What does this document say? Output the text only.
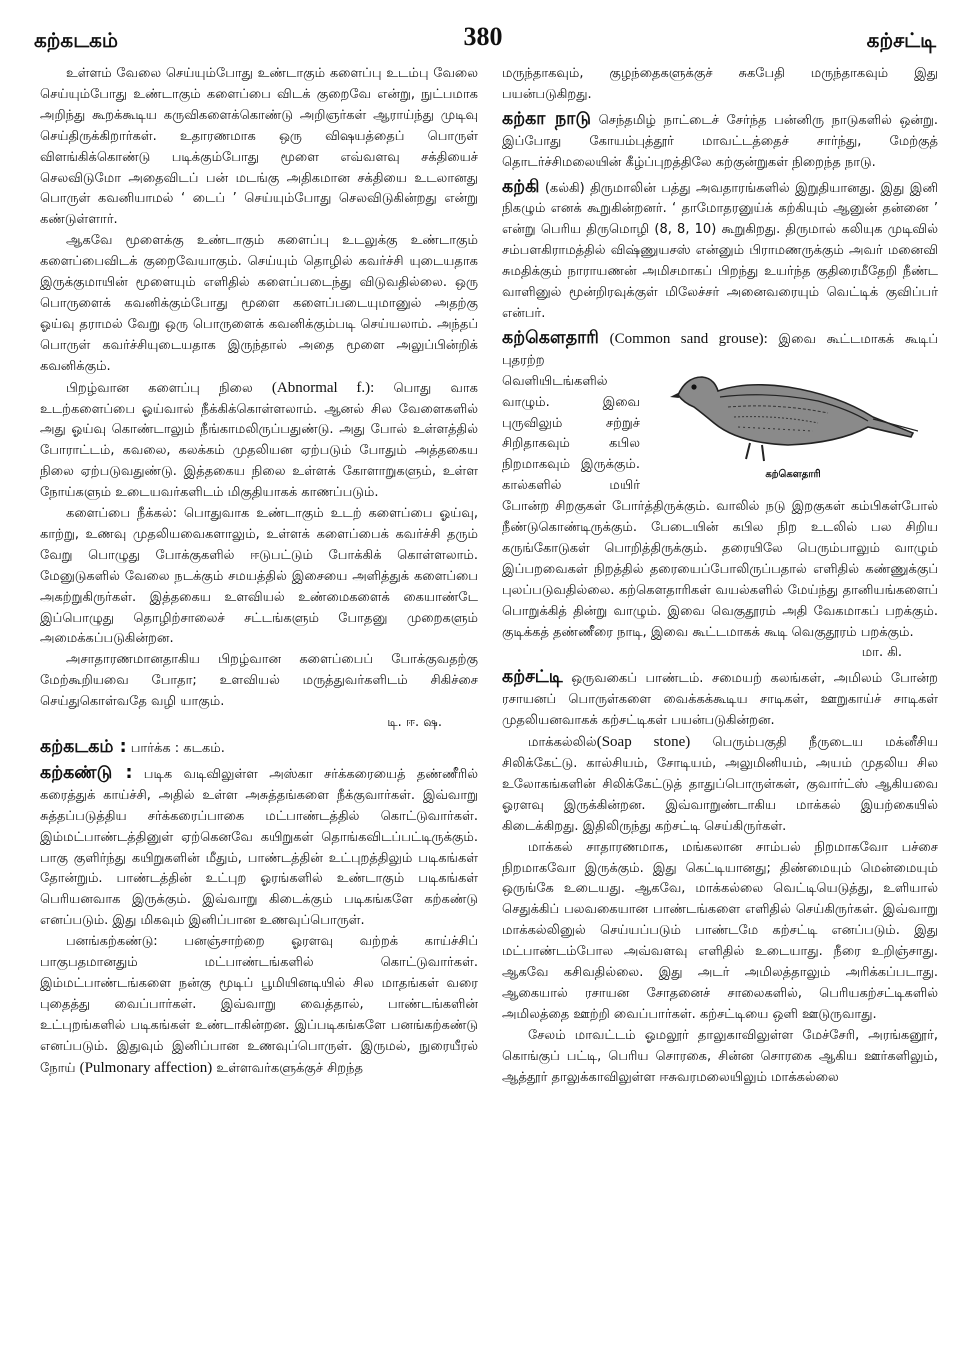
கற்கடகம்	380	கற்சட்டி

உள்ளம் வேலை செய்யும்போது உண்டாகும் களைப்பு உடம்பு வேலை செய்யும்போது உண்டாகும் களைப்பை விடக் குறைவே என்று, நுட்பமாக அறிந்து கூறக்கூடிய கருவிகளைக்கொண்டு அறிஞர்கள் ஆராய்ந்து முடிவு செய்திருக்கிறார்கள். உதாரணமாக ஒரு விஷயத்தைப் பொருள் விளங்கிக்கொண்டு படிக்கும்போது மூளை எவ்வளவு சக்தியைச் செலவிடுமோ அதைவிடப் பன் மடங்கு அதிகமான சக்தியை உடலானது பொருள் கவனியாமல் ‘ டைப் ’ செய்யும்போது செலவிடுகின்றது என்று கண்டுள்ளார்.

ஆகவே மூளைக்கு உண்டாகும் களைப்பு உடலுக்கு உண்டாகும் களைப்பைவிடக் குறைவேயாகும். செய்யும் தொழில் கவர்ச்சி யுடையதாக இருக்குமாயின் மூளையும் எளிதில் களைப்படைந்து விடுவதில்லை. ஒரு பொருளைக் கவனிக்கும்போது மூளை களைப்படையுமானுல் அதற்கு ஓய்வு தராமல் வேறு ஒரு பொருளைக் கவனிக்கும்படி செய்யலாம். அந்தப் பொருள் கவர்ச்சியுடையதாக இருந்தால் அதை மூளை அலுப்பின்றிக் கவனிக்கும்.

பிறழ்வான களைப்பு நிலை (Abnormal f.): பொது வாக உடற்களைப்பை ஓய்வால் நீக்கிக்கொள்ளலாம். ஆனல் சில வேளைகளில் அது ஓய்வு கொண்டாலும் நீங்காமலிருப்பதுண்டு. அது போல் உள்ளத்தில் போராட்டம், கவலை, கலக்கம் முதலியன ஏற்படும் போதும் அத்தகைய நிலை ஏற்படுவதுண்டு. இத்தகைய நிலை உள்ளக் கோளாறுகளும், உள்ள நோய்களும் உடையவர்களிடம் மிகுதியாகக் காணப்படும்.

களைப்பை நீக்கல்: பொதுவாக உண்டாகும் உடற் களைப்பை ஓய்வு, காற்று, உணவு முதலியவைகளாலும், உள்ளக் களைப்பைக் கவர்ச்சி தரும் வேறு பொழுது போக்குகளில் ஈடுபட்டும் போக்கிக் கொள்ளலாம். மேனுடுகளில் வேலை நடக்கும் சமயத்தில் இசையை அளித்துக் களைப்பை அகற்றுகிருர்கள். இத்தகைய உளவியல் உண்மைகளைக் கையாண்டே இப்பொழுது தொழிற்சாலைச் சட்டங்களும் போதனு முறைகளும் அமைக்கப்படுகின்றன.

அசாதாரணமானதாகிய பிறழ்வான களைப்பைப் போக்குவதற்கு மேற்கூறியவை போதா; உளவியல் மருத்துவர்களிடம் சிகிச்சை செய்துகொள்வதே வழி யாகும்.

டி. ஈ. ஷ.

கற்கடகம் : பார்க்க : கடகம்.

கற்கண்டு : படிக வடிவிலுள்ள அஸ்கா சர்க்கரையைத் தண்ணீரில் கரைத்துக் காய்ச்சி, அதில் உள்ள அசுத்தங்களை நீக்குவார்கள். இவ்வாறு சுத்தப்படுத்திய சர்க்கரைப்பாகை மட்பாண்டத்தில் கொட்டுவார்கள். இம்மட்பாண்டத்தினுள் ஏற்கெனவே கயிறுகள் தொங்கவிடப்பட்டிருக்கும். பாகு குளிர்ந்து கயிறுகளின் மீதும், பாண்டத்தின் உட்புறத்திலும் படிகங்கள் தோன்றும். பாண்டத்தின் உட்புற ஓரங்களில் உண்டாகும் படிகங்கள் பெரியனவாக இருக்கும். இவ்வாறு கிடைக்கும் படிகங்களே கற்கண்டு எனப்படும். இது மிகவும் இனிப்பான உணவுப்பொருள்.

பனங்கற்கண்டு: பனஞ்சாற்றை ஓரளவு வற்றக் காய்ச்சிப் பாகுபதமானதும் மட்பாண்டங்களில் கொட்டுவார்கள். இம்மட்பாண்டங்களை நன்கு மூடிப் பூமியினடியில் சில மாதங்கள் வரை புதைத்து வைப்பார்கள். இவ்வாறு வைத்தால், பாண்டங்களின் உட்புறங்களில் படிகங்கள் உண்டாகின்றன. இப்படிகங்களே பனங்கற்கண்டு எனப்படும். இதுவும் இனிப்பான உணவுப்பொருள். இருமல், நுரையீரல் நோய் (Pulmonary affection) உள்ளவர்களுக்குச் சிறந்த

மருந்தாகவும், குழந்தைகளுக்குச் சுகபேதி மருந்தாகவும் இது பயன்படுகிறது.

கற்கா நாடு செந்தமிழ் நாட்டைச் சேர்ந்த பன்னிரு நாடுகளில் ஒன்று. இப்போது கோயம்புத்தூர் மாவட்டத்தைச் சார்ந்து, மேற்குத் தொடர்ச்சிமலையின் கீழ்ப்புறத்திலே கற்குன்றுகள் நிறைந்த நாடு.

கற்கி (கல்கி) திருமாலின் பத்து அவதாரங்களில் இறுதியானது. இது இனி நிகழும் எனக் கூறுகின்றனர். ‘ தாமோதரனுய்க் கற்கியும் ஆனுன் தன்னை ’ என்று பெரிய திருமொழி (8, 8, 10) கூறுகிறது. திருமால் கலியுக முடிவில் சம்பளகிராமத்தில் விஷ்ணுயசஸ் என்னும் பிராமணருக்கும் அவர் மனைவி சுமதிக்கும் நாராயணன் அமிசமாகப் பிறந்து உயர்ந்த குதிரைமீதேறி நீண்ட வாளினுல் மூன்றிரவுக்குள் மிலேச்சர் அனைவரையும் வெட்டிக் குவிப்பர் என்பர்.

கற்கௌதாரி (Common sand grouse):
கற்கௌதாரி
இவை கூட்டமாகக் கூடிப் புதரற்ற வெளியிடங்களில் வாழும். இவை புருவிலும் சற்றுச் சிறிதாகவும் கபில நிறமாகவும் இருக்கும். கால்களில் மயிர் போன்ற சிறகுகள் போர்த்திருக்கும். வாலில் நடு இறகுகள் கம்பிகள்போல் நீண்டுகொண்டிருக்கும். பேடையின் கபில நிற உடலில் பல சிறிய கருங்கோடுகள் பொறித்திருக்கும். தரையிலே பெரும்பாலும் வாழும் இப்பறவைகள் நிறத்தில் தரையைப்போலிருப்பதால் எளிதில் கண்ணுக்குப் புலப்படுவதில்லை. கற்கௌதாரிகள் வயல்களில் மேய்ந்து தானியங்களைப் பொறுக்கித் தின்று வாழும். இவை வெகுதூரம் அதி வேகமாகப் பறக்கும். குடிக்கத் தண்ணீரை நாடி, இவை கூட்டமாகக் கூடி வெகுதூரம் பறக்கும்.

மா. கி.

கற்சட்டி ஒருவகைப் பாண்டம். சமையற் கலங்கள், அமிலம் போன்ற ரசாயனப் பொருள்களை வைக்கக்கூடிய சாடிகள், ஊறுகாய்ச் சாடிகள் முதலியனவாகக் கற்சட்டிகள் பயன்படுகின்றன.

மாக்கல்லில்(Soap stone) பெரும்பகுதி நீருடைய மக்னீசிய சிலிக்கேட்டு. கால்சியம், சோடியம், அலுமினியம், அயம் முதலிய சில உலோகங்களின் சிலிக்கேட்டுத் தாதுப்பொருள்கள், குவார்ட்ஸ் ஆகியவை ஓரளவு இருக்கின்றன. இவ்வாறுண்டாகிய மாக்கல் இயற்கையில் கிடைக்கிறது. இதிலிருந்து கற்சட்டி செய்கிருர்கள்.

மாக்கல் சாதாரணமாக, மங்கலான சாம்பல் நிறமாகவோ பச்சை நிறமாகவோ இருக்கும். இது கெட்டியானது; திண்மையும் மென்மையும் ஒருங்கே உடையது. ஆகவே, மாக்கல்லை வெட்டியெடுத்து, உளியால் செதுக்கிப் பலவகையான பாண்டங்களை எளிதில் செய்கிருர்கள். இவ்வாறு மாக்கல்லினுல் செய்யப்படும் பாண்டமே கற்சட்டி எனப்படும். இது மட்பாண்டம்போல அவ்வளவு எளிதில் உடையாது. நீரை உறிஞ்சாது. ஆகவே கசிவதில்லை. இது அடர் அமிலத்தாலும் அரிக்கப்படாது. ஆகையால் ரசாயன சோதனைச் சாலைகளில், பெரியகற்சட்டிகளில் அமிலத்தை ஊற்றி வைப்பார்கள். கற்சட்டியை ஒளி ஊடுருவாது.

சேலம் மாவட்டம் ஓமலூர் தாலுகாவிலுள்ள மேச்சேரி, அரங்கனூர், கொங்குப் பட்டி, பெரிய சொரகை, சின்ன சொரகை ஆகிய ஊர்களிலும், ஆத்தூர் தாலுக்காவிலுள்ள ஈசுவரமலையிலும் மாக்கல்லை
